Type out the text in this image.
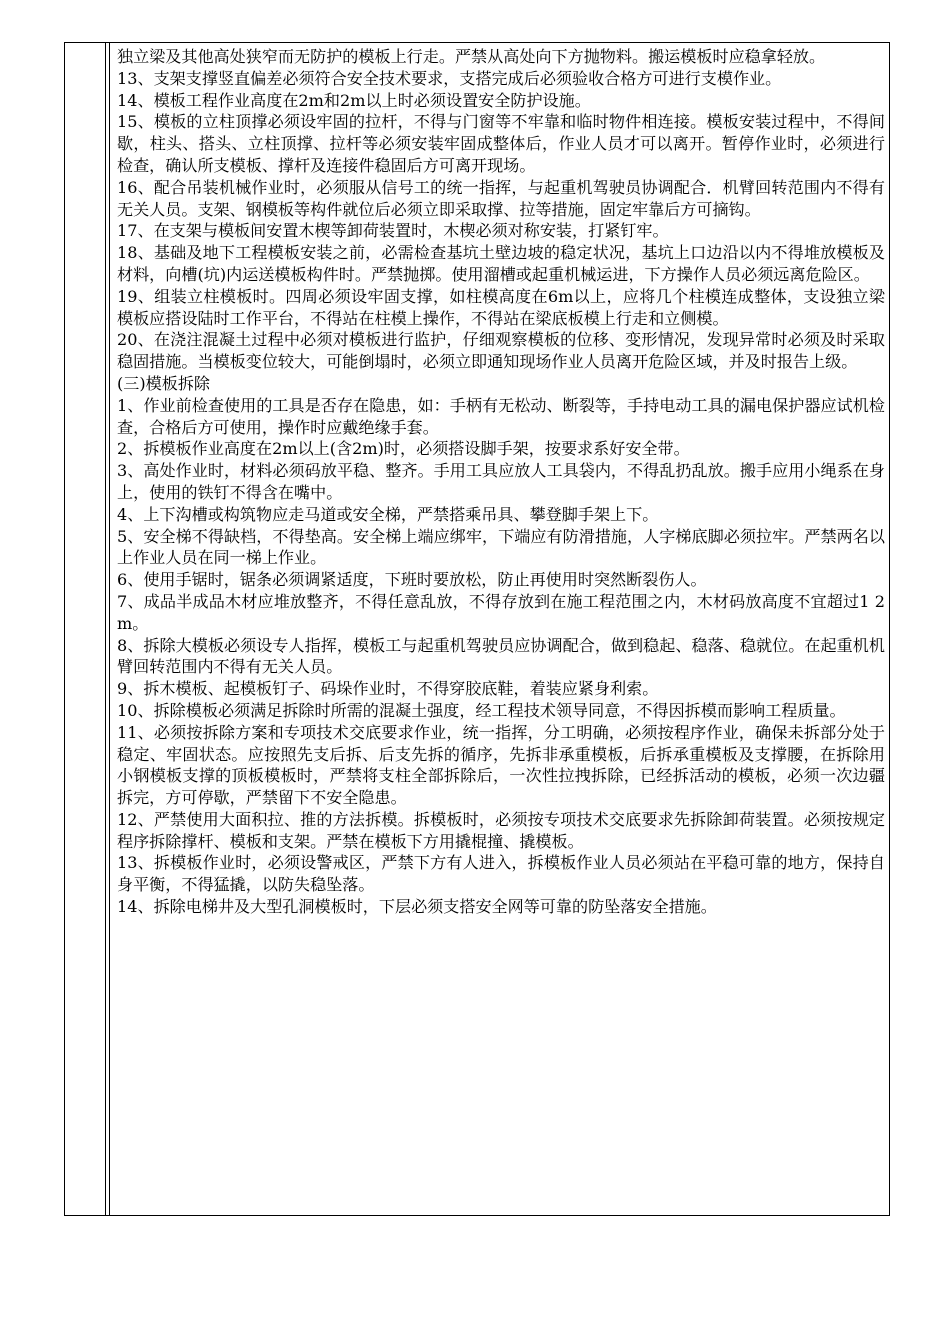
独立梁及其他高处狭窄而无防护的模板上行走。严禁从高处向下方抛物料。搬运模板时应稳拿轻放。

13、支架支撑竖直偏差必须符合安全技术要求，支搭完成后必须验收合格方可进行支模作业。

14、模板工程作业高度在2m和2m以上时必须设置安全防护设施。

15、模板的立柱顶撑必须设牢固的拉杆，不得与门窗等不牢靠和临时物件相连接。模板安装过程中，不得间歇，柱头、搭头、立柱顶撑、拉杆等必须安装牢固成整体后，作业人员才可以离开。暂停作业时，必须进行检查，确认所支模板、撑杆及连接件稳固后方可离开现场。

16、配合吊装机械作业时，必须服从信号工的统一指挥，与起重机驾驶员协调配合．机臂回转范围内不得有无关人员。支架、钢模板等构件就位后必须立即采取撑、拉等措施，固定牢靠后方可摘钩。

17、在支架与模板间安置木楔等卸荷装置时，木楔必须对称安装，打紧钉牢。

18、基础及地下工程模板安装之前，必需检查基坑土壁边坡的稳定状况，基坑上口边沿以内不得堆放模板及材料，向槽(坑)内运送模板构件时。严禁抛掷。使用溜槽或起重机械运进，下方操作人员必须远离危险区。

19、组装立柱模板时。四周必须设牢固支撑，如柱模高度在6m以上，应将几个柱模连成整体，支设独立梁模板应搭设陆时工作平台，不得站在柱模上操作，不得站在梁底板模上行走和立侧模。

20、在浇注混凝土过程中必须对模板进行监护，仔细观察模板的位移、变形情况，发现异常时必须及时采取稳固措施。当模板变位较大，可能倒塌时，必须立即通知现场作业人员离开危险区域，并及时报告上级。

(三)模板拆除

1、作业前检查使用的工具是否存在隐患，如：手柄有无松动、断裂等，手持电动工具的漏电保护器应试机检查，合格后方可使用，操作时应戴绝缘手套。

2、拆模板作业高度在2m以上(含2m)时，必须搭设脚手架，按要求系好安全带。

3、高处作业时，材料必须码放平稳、整齐。手用工具应放人工具袋内，不得乱扔乱放。搬手应用小绳系在身上，使用的铁钉不得含在嘴中。

4、上下沟槽或构筑物应走马道或安全梯，严禁搭乘吊具、攀登脚手架上下。

5、安全梯不得缺档，不得垫高。安全梯上端应绑牢，下端应有防滑措施，人字梯底脚必须拉牢。严禁两名以上作业人员在同一梯上作业。

6、使用手锯时，锯条必须调紧适度，下班时要放松，防止再使用时突然断裂伤人。

7、成品半成品木材应堆放整齐，不得任意乱放，不得存放到在施工程范围之内，木材码放高度不宜超过1 2m。

8、拆除大模板必须设专人指挥，模板工与起重机驾驶员应协调配合，做到稳起、稳落、稳就位。在起重机机臂回转范围内不得有无关人员。

9、拆木模板、起模板钉子、码垛作业时，不得穿胶底鞋，着装应紧身利索。

10、拆除模板必须满足拆除时所需的混凝土强度，经工程技术领导同意，不得因拆模而影响工程质量。

11、必须按拆除方案和专项技术交底要求作业，统一指挥，分工明确，必须按程序作业，确保未拆部分处于稳定、牢固状态。应按照先支后拆、后支先拆的循序，先拆非承重模板，后拆承重模板及支撑腰，在拆除用小钢模板支撑的顶板模板时，严禁将支柱全部拆除后，一次性拉拽拆除，已经拆活动的模板，必须一次边疆拆完，方可停歇，严禁留下不安全隐患。

12、严禁使用大面积拉、推的方法拆模。拆模板时，必须按专项技术交底要求先拆除卸荷装置。必须按规定程序拆除撑杆、模板和支架。严禁在模板下方用撬棍撞、撬模板。

13、拆模板作业时，必须设警戒区，严禁下方有人进入，拆模板作业人员必须站在平稳可靠的地方，保持自身平衡，不得猛撬，以防失稳坠落。

14、拆除电梯井及大型孔洞模板时，下层必须支搭安全网等可靠的防坠落安全措施。
